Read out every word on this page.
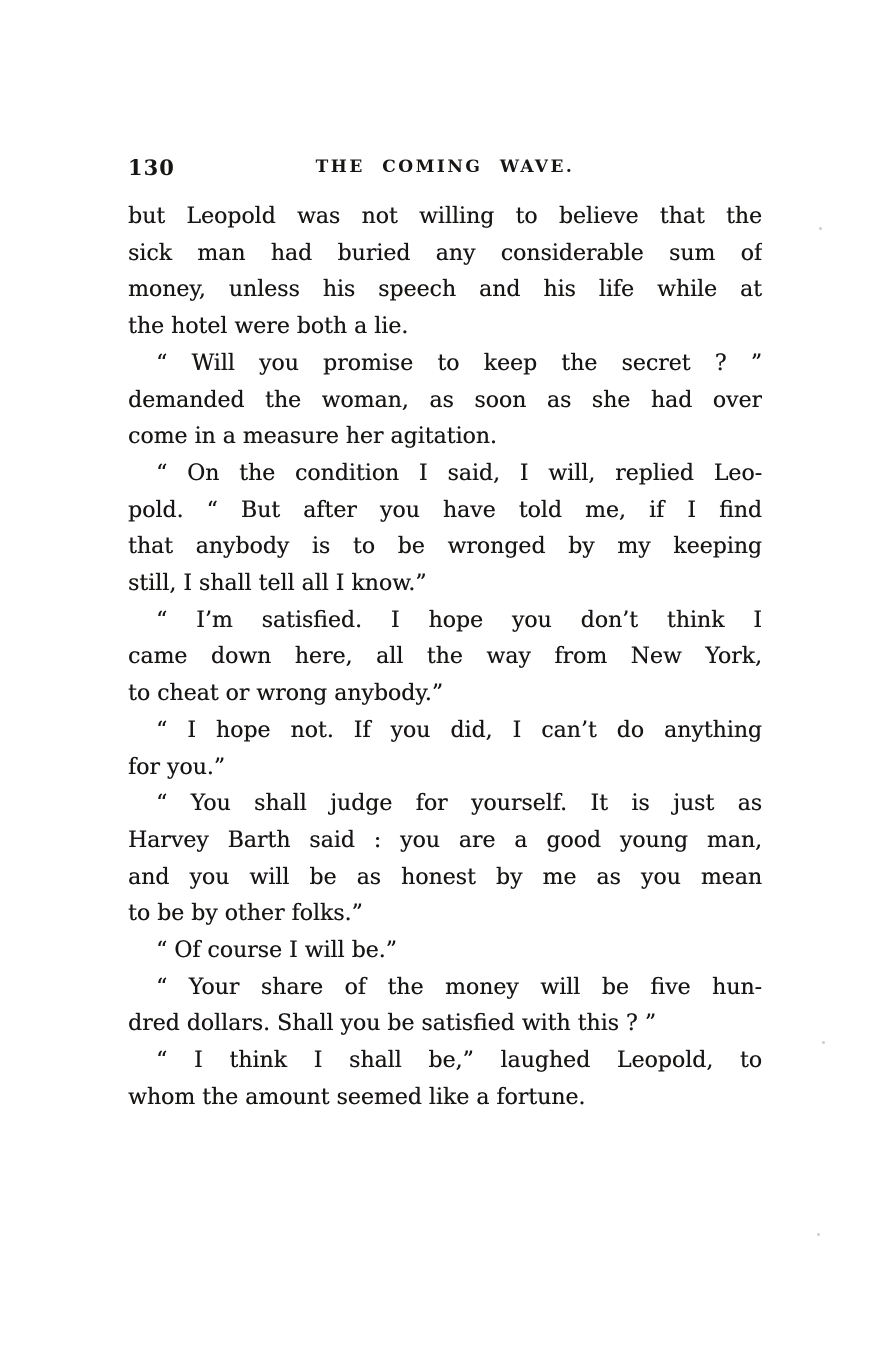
130	THE COMING WAVE.
but Leopold was not willing to believe that the
sick man had buried any considerable sum of
money, unless his speech and his life while at
the hotel were both a lie.
“ Will you promise to keep the secret ? ”
demanded the woman, as soon as she had over
come in a measure her agitation.
“ On the condition I said, I will, replied Leo-
pold. “ But after you have told me, if I find
that anybody is to be wronged by my keeping
still, I shall tell all I know.”
“ I’m satisfied. I hope you don’t think I
came down here, all the way from New York,
to cheat or wrong anybody.”
“ I hope not. If you did, I can’t do anything
for you.”
“ You shall judge for yourself. It is just as
Harvey Barth said : you are a good young man,
and you will be as honest by me as you mean
to be by other folks.”
“ Of course I will be.”
“ Your share of the money will be five hun-
dred dollars. Shall you be satisfied with this ? ”
“ I think I shall be,” laughed Leopold, to
whom the amount seemed like a fortune.
